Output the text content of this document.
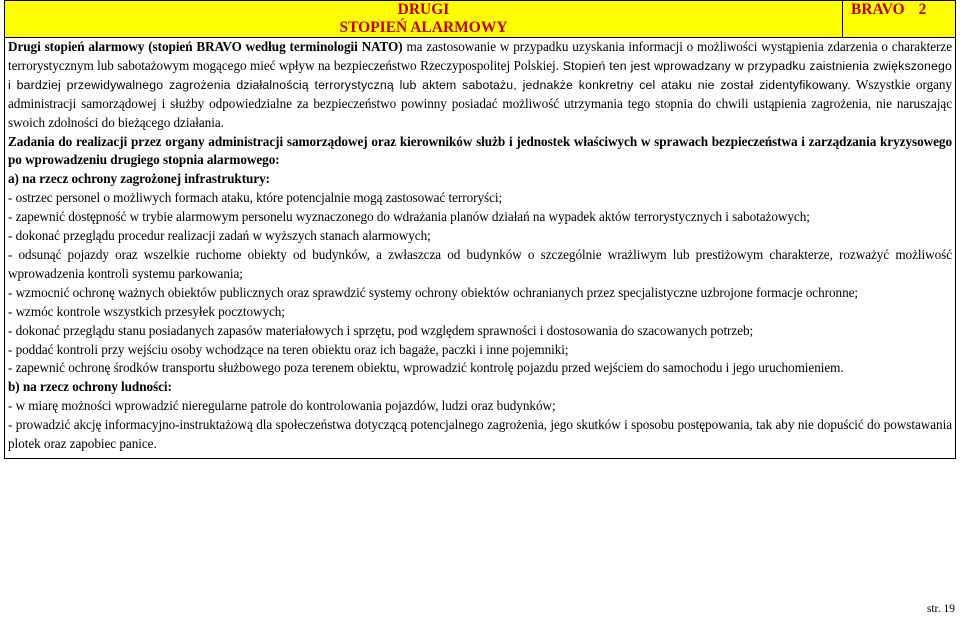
DRUGI
STOPIEŃ ALARMOWY
	BRAVO 2

Drugi stopień alarmowy (stopień BRAVO według terminologii NATO) ma zastosowanie w przypadku uzyskania informacji o możliwości wystąpienia zdarzenia o charakterze terrorystycznym lub sabotażowym mogącego mieć wpływ na bezpieczeństwo Rzeczypospolitej Polskiej. Stopień ten jest wprowadzany w przypadku zaistnienia zwiększonego i bardziej przewidywalnego zagrożenia działalnością terrorystyczną lub aktem sabotażu, jednakże konkretny cel ataku nie został zidentyfikowany. Wszystkie organy administracji samorządowej i służby odpowiedzialne za bezpieczeństwo powinny posiadać możliwość utrzymania tego stopnia do chwili ustąpienia zagrożenia, nie naruszając swoich zdolności do bieżącego działania.

Zadania do realizacji przez organy administracji samorządowej oraz kierowników służb i jednostek właściwych w sprawach bezpieczeństwa i zarządzania kryzysowego po wprowadzeniu drugiego stopnia alarmowego:

a) na rzecz ochrony zagrożonej infrastruktury:

- ostrzec personel o możliwych formach ataku, które potencjalnie mogą zastosować terroryści;

- zapewnić dostępność w trybie alarmowym personelu wyznaczonego do wdrażania planów działań na wypadek aktów terrorystycznych i sabotażowych;

- dokonać przeglądu procedur realizacji zadań w wyższych stanach alarmowych;

- odsunąć pojazdy oraz wszelkie ruchome obiekty od budynków, a zwłaszcza od budynków o szczególnie wrażliwym lub prestiżowym charakterze, rozważyć możliwość wprowadzenia kontroli systemu parkowania;

- wzmocnić ochronę ważnych obiektów publicznych oraz sprawdzić systemy ochrony obiektów ochranianych przez specjalistyczne uzbrojone formacje ochronne;

- wzmóc kontrole wszystkich przesyłek pocztowych;

- dokonać przeglądu stanu posiadanych zapasów materiałowych i sprzętu, pod względem sprawności i dostosowania do szacowanych potrzeb;

- poddać kontroli przy wejściu osoby wchodzące na teren obiektu oraz ich bagaże, paczki i inne pojemniki;

- zapewnić ochronę środków transportu służbowego poza terenem obiektu, wprowadzić kontrolę pojazdu przed wejściem do samochodu i jego uruchomieniem.

b) na rzecz ochrony ludności:

- w miarę możności wprowadzić nieregularne patrole do kontrolowania pojazdów, ludzi oraz budynków;

- prowadzić akcję informacyjno-instruktażową dla społeczeństwa dotyczącą potencjalnego zagrożenia, jego skutków i sposobu postępowania, tak aby nie dopuścić do powstawania plotek oraz zapobiec panice.

str. 19
